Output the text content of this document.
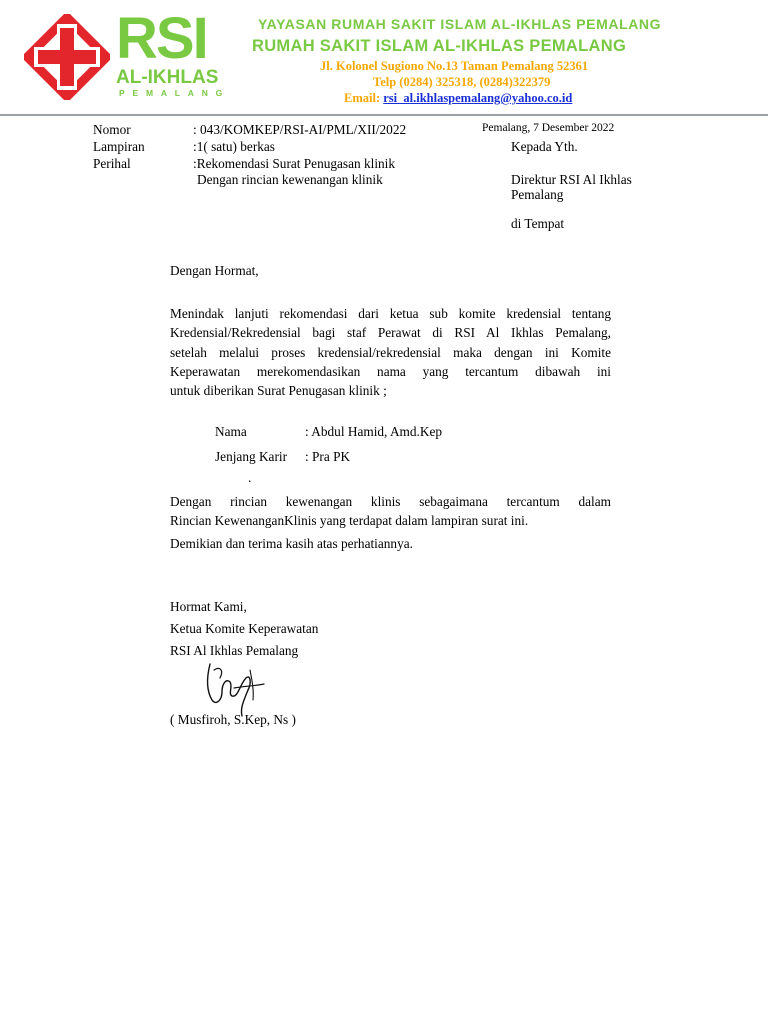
RSI
AL-IKHLAS
PEMALANG
YAYASAN RUMAH SAKIT ISLAM AL-IKHLAS PEMALANG
RUMAH SAKIT ISLAM AL-IKHLAS PEMALANG
Jl. Kolonel Sugiono No.13 Taman Pemalang 52361
Telp (0284) 325318, (0284)322379
Email: rsi_al.ikhlaspemalang@yahoo.co.id
Nomor	: 043/KOMKEP/RSI-AI/PML/XII/2022	Pemalang, 7 Desember 2022
Lampiran	:1( satu) berkas	Kepada Yth.
Perihal	:Rekomendasi Surat Penugasan klinik
Dengan rincian kewenangan klinik	Direktur RSI Al Ikhlas
Pemalang
di Tempat
Dengan Hormat,
Menindak lanjuti rekomendasi dari ketua sub komite kredensial tentang
Kredensial/Rekredensial bagi staf Perawat di RSI Al Ikhlas Pemalang,
setelah melalui proses kredensial/rekredensial maka dengan ini Komite
Keperawatan merekomendasikan nama yang tercantum dibawah ini
untuk diberikan Surat Penugasan klinik ;
Nama	: Abdul Hamid, Amd.Kep
Jenjang Karir : Pra PK
.
Dengan rincian kewenangan klinis sebagaimana tercantum dalam
Rincian KewenanganKlinis yang terdapat dalam lampiran surat ini.
Demikian dan terima kasih atas perhatiannya.
Hormat Kami,
Ketua Komite Keperawatan
RSI Al Ikhlas Pemalang
( Musfiroh, S.Kep, Ns )
